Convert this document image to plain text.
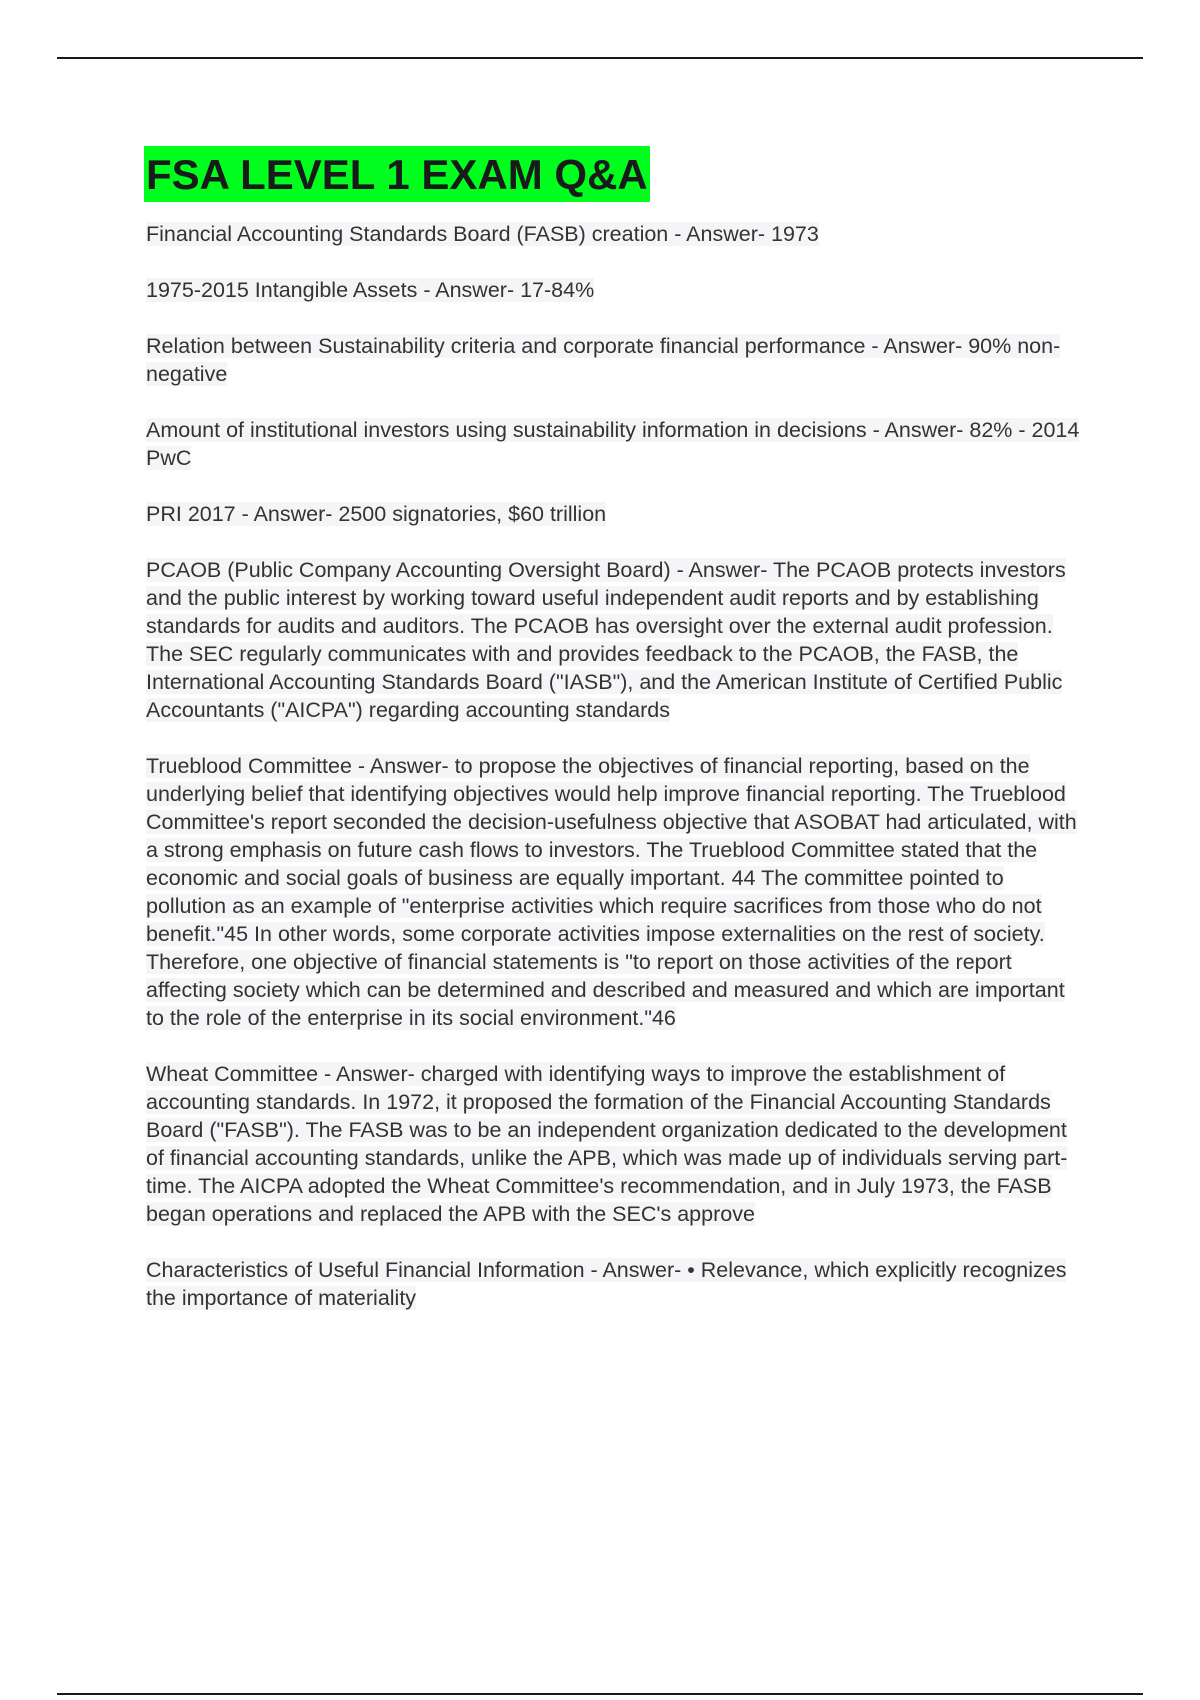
FSA LEVEL 1 EXAM Q&A

Financial Accounting Standards Board (FASB) creation - Answer- 1973

1975-2015 Intangible Assets - Answer- 17-84%

Relation between Sustainability criteria and corporate financial performance - Answer- 90% non-negative

Amount of institutional investors using sustainability information in decisions - Answer- 82% - 2014 PwC

PRI 2017 - Answer- 2500 signatories, $60 trillion

PCAOB (Public Company Accounting Oversight Board) - Answer- The PCAOB protects investors and the public interest by working toward useful independent audit reports and by establishing standards for audits and auditors. The PCAOB has oversight over the external audit profession. The SEC regularly communicates with and provides feedback to the PCAOB, the FASB, the International Accounting Standards Board ("IASB"), and the American Institute of Certified Public Accountants ("AICPA") regarding accounting standards

Trueblood Committee - Answer- to propose the objectives of financial reporting, based on the underlying belief that identifying objectives would help improve financial reporting. The Trueblood Committee's report seconded the decision-usefulness objective that ASOBAT had articulated, with a strong emphasis on future cash flows to investors. The Trueblood Committee stated that the economic and social goals of business are equally important. 44 The committee pointed to pollution as an example of "enterprise activities which require sacrifices from those who do not benefit."45 In other words, some corporate activities impose externalities on the rest of society. Therefore, one objective of financial statements is "to report on those activities of the report affecting society which can be determined and described and measured and which are important to the role of the enterprise in its social environment."46

Wheat Committee - Answer- charged with identifying ways to improve the establishment of accounting standards. In 1972, it proposed the formation of the Financial Accounting Standards Board ("FASB"). The FASB was to be an independent organization dedicated to the development of financial accounting standards, unlike the APB, which was made up of individuals serving part-time. The AICPA adopted the Wheat Committee's recommendation, and in July 1973, the FASB began operations and replaced the APB with the SEC's approve

Characteristics of Useful Financial Information - Answer- • Relevance, which explicitly recognizes the importance of materiality
